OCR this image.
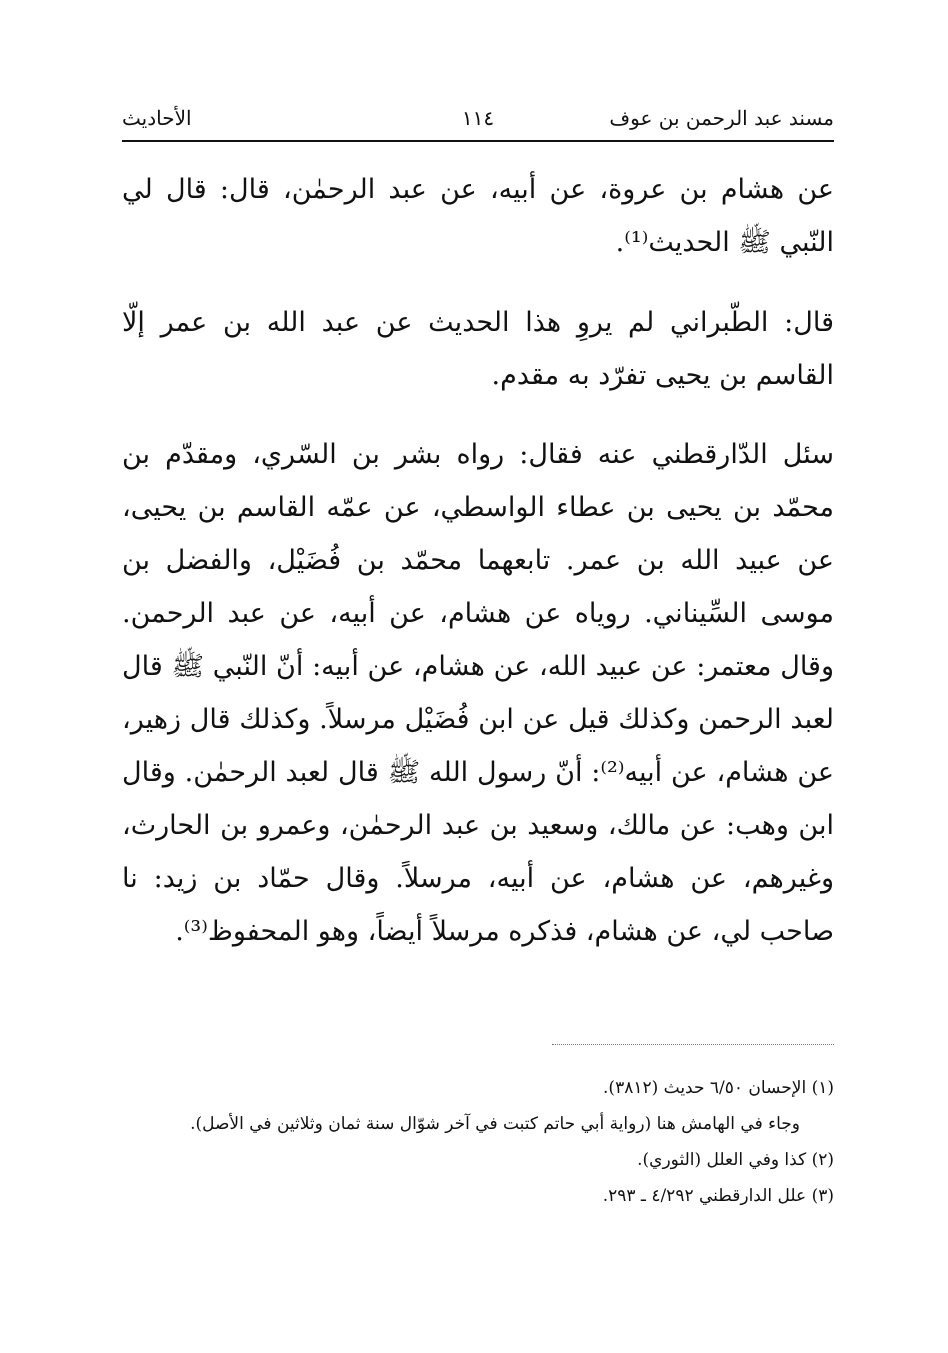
مسند عبد الرحمن بن عوف
١١٤
الأحاديث

عن هشام بن عروة، عن أبيه، عن عبد الرحمٰن، قال: قال لي النّبي ﷺ الحديث⁽¹⁾.

قال: الطّبراني لم يروِ هذا الحديث عن عبد الله بن عمر إلّا القاسم بن يحيى تفرّد به مقدم.

سئل الدّارقطني عنه فقال: رواه بشر بن السّري، ومقدّم بن محمّد بن يحيى بن عطاء الواسطي، عن عمّه القاسم بن يحيى، عن عبيد الله بن عمر. تابعهما محمّد بن فُضَيْل، والفضل بن موسى السِّيناني. روياه عن هشام، عن أبيه، عن عبد الرحمن. وقال معتمر: عن عبيد الله، عن هشام، عن أبيه: أنّ النّبي ﷺ قال لعبد الرحمن وكذلك قيل عن ابن فُضَيْل مرسلاً. وكذلك قال زهير، عن هشام، عن أبيه⁽²⁾: أنّ رسول الله ﷺ قال لعبد الرحمٰن. وقال ابن وهب: عن مالك، وسعيد بن عبد الرحمٰن، وعمرو بن الحارث، وغيرهم، عن هشام، عن أبيه، مرسلاً. وقال حمّاد بن زيد: نا صاحب لي، عن هشام، فذكره مرسلاً أيضاً، وهو المحفوظ⁽³⁾.

(١) الإحسان ٦/٥٠ حديث (٣٨١٢).

وجاء في الهامش هنا (رواية أبي حاتم كتبت في آخر شوّال سنة ثمان وثلاثين في الأصل).

(٢) كذا وفي العلل (الثوري).

(٣) علل الدارقطني ٤/٢٩٢ ـ ٢٩٣.
